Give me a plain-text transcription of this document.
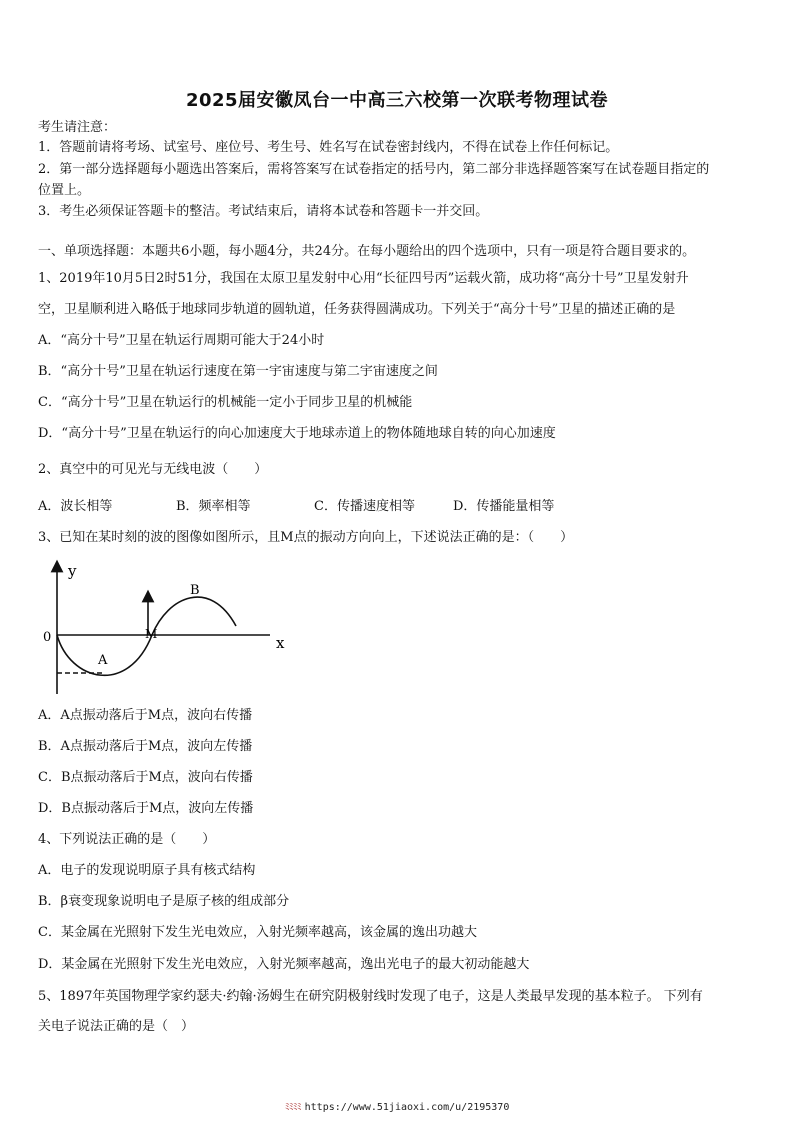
2025届安徽凤台一中高三六校第一次联考物理试卷
考生请注意：
1．答题前请将考场、试室号、座位号、考生号、姓名写在试卷密封线内，不得在试卷上作任何标记。
2．第一部分选择题每小题选出答案后，需将答案写在试卷指定的括号内，第二部分非选择题答案写在试卷题目指定的
位置上。
3．考生必须保证答题卡的整洁。考试结束后，请将本试卷和答题卡一并交回。
一、单项选择题：本题共6小题，每小题4分，共24分。在每小题给出的四个选项中，只有一项是符合题目要求的。
1、2019年10月5日2时51分，我国在太原卫星发射中心用“长征四号丙”运载火箭，成功将“高分十号”卫星发射升
空，卫星顺利进入略低于地球同步轨道的圆轨道，任务获得圆满成功。下列关于“高分十号”卫星的描述正确的是
A．“高分十号”卫星在轨运行周期可能大于24小时
B．“高分十号”卫星在轨运行速度在第一宇宙速度与第二宇宙速度之间
C．“高分十号”卫星在轨运行的机械能一定小于同步卫星的机械能
D．“高分十号”卫星在轨运行的向心加速度大于地球赤道上的物体随地球自转的向心加速度
2、真空中的可见光与无线电波（　　）
A．波长相等	B．频率相等	C．传播速度相等	D．传播能量相等
3、已知在某时刻的波的图像如图所示，且M点的振动方向向上，下述说法正确的是：（　　）
0
y
x
A
B
M
A．A点振动落后于M点，波向右传播
B．A点振动落后于M点，波向左传播
C．B点振动落后于M点，波向右传播
D．B点振动落后于M点，波向左传播
4、下列说法正确的是（　　）
A．电子的发现说明原子具有核式结构
B．β衰变现象说明电子是原子核的组成部分
C．某金属在光照射下发生光电效应，入射光频率越高，该金属的逸出功越大
D．某金属在光照射下发生光电效应，入射光频率越高，逸出光电子的最大初动能越大
5、1897年英国物理学家约瑟夫·约翰·汤姆生在研究阴极射线时发现了电子，这是人类最早发现的基本粒子。 下列有
关电子说法正确的是（　）
ﾐﾐﾐﾐ https://www.51jiaoxi.com/u/2195370
